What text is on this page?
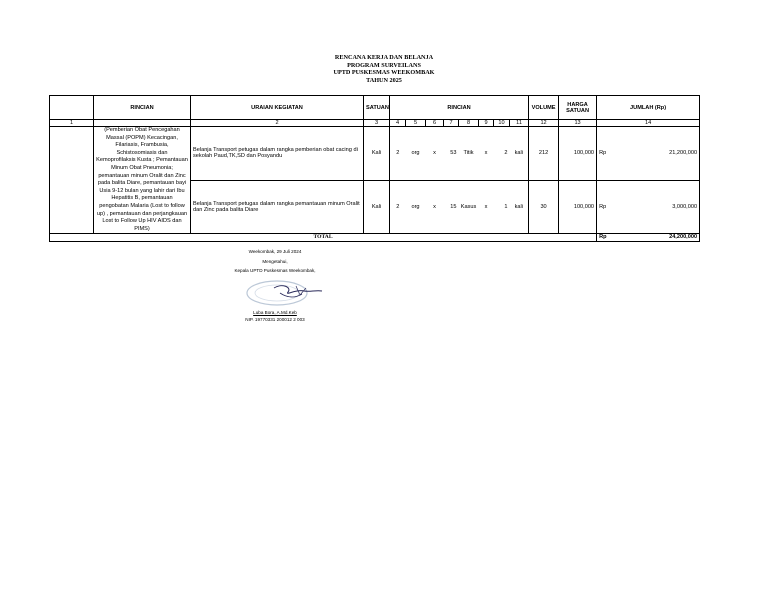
RENCANA KERJA DAN BELANJA
PROGRAM SURVEILANS
UPTD PUSKESMAS WEEKOMBAK
TAHUN 2025
	RINCIAN	URAIAN KEGIATAN	SATUAN	RINCIAN								VOLUME	HARGA SATUAN	JUMLAH (Rp)	
1		2	3	4	5	6	7	8	9	10	11	12	13	14	
	(Pemberian Obat Pencegahan Massal (POPM) Kecacingan, Filariasis, Frambusia, Schistosomiasis dan Kemoprofilaksis Kusta ; Pemantauan Minum Obat Pneumonia; pemantauan minum Oralit dan Zinc pada balita Diare, pemantauan bayi Usia 9-12 bulan yang lahir dari Ibu Hepatitis B, pemantauan pengobatan Malaria (Lost to follow up) , pemantauan dan perjangkauan Lost to Follow Up HIV AIDS dan PIMS)	Belanja Transport petugas dalam rangka pemberian obat cacing di sekolah Paud,TK,SD dan Posyandu	Kali	2	org	x	53	Titik	x	2	kali	212	100,000	Rp	21,200,000
		Belanja Transport petugas dalam rangka pemantauan minum Oralit dan Zinc pada balita Diare	Kali	2	org	x	15	Kasus	x	1	kali	30	100,000	Rp	3,000,000
TOTAL														Rp	24,200,000
Weekombak, 29 Juli 2024
Mengetahui,
Kepala UPTD Puskesmas Weekombak,
Luba Bora, A.Md.Keb
NIP. 19770331 200012 2 003
